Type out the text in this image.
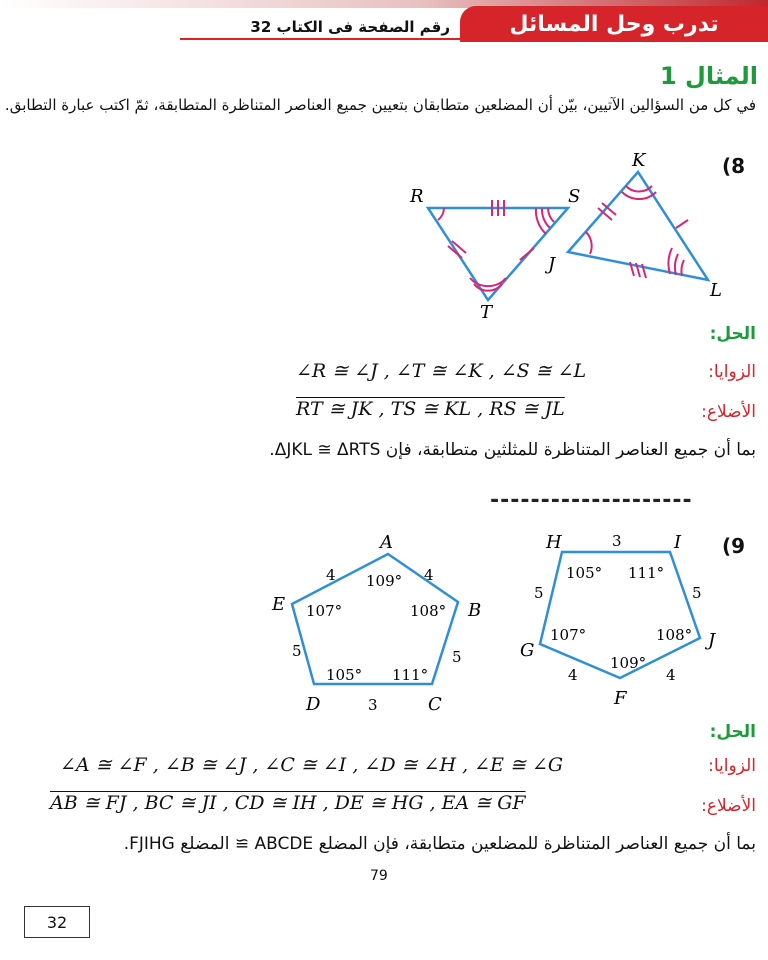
تدرب وحل المسائل
رقم الصفحة فى الكتاب 32
المثال 1
في كل من السؤالين الآتيين، بيّن أن المضلعين متطابقان بتعيين جميع العناصر المتناظرة المتطابقة، ثمّ اكتب عبارة التطابق.
(8
R	S
T
K
J
L
الحل:
الزوايا:
∠R ≅ ∠J , ∠T ≅ ∠K , ∠S ≅ ∠L
الأضلاع:
RT ≅ JK , TS ≅ KL , RS ≅ JL
بما أن جميع العناصر المتناظرة للمثلثين متطابقة، فإن ΔJKL ≅ ΔRTS.
--------------------
(9
A
B
C
D
E
4	4
5
3
5
109°
108°
111°
105°
107°
H	I
J
F
G
3
5
4
4
5
105° 111°
108°
109°
107°
الحل:
الزوايا:
∠A ≅ ∠F , ∠B ≅ ∠J , ∠C ≅ ∠I , ∠D ≅ ∠H , ∠E ≅ ∠G
الأضلاع:
AB ≅ FJ , BC ≅ JI , CD ≅ IH , DE ≅ HG , EA ≅ GF
بما أن جميع العناصر المتناظرة للمضلعين متطابقة، فإن المضلع ABCDE ≅ المضلع FJIHG.
79
32
